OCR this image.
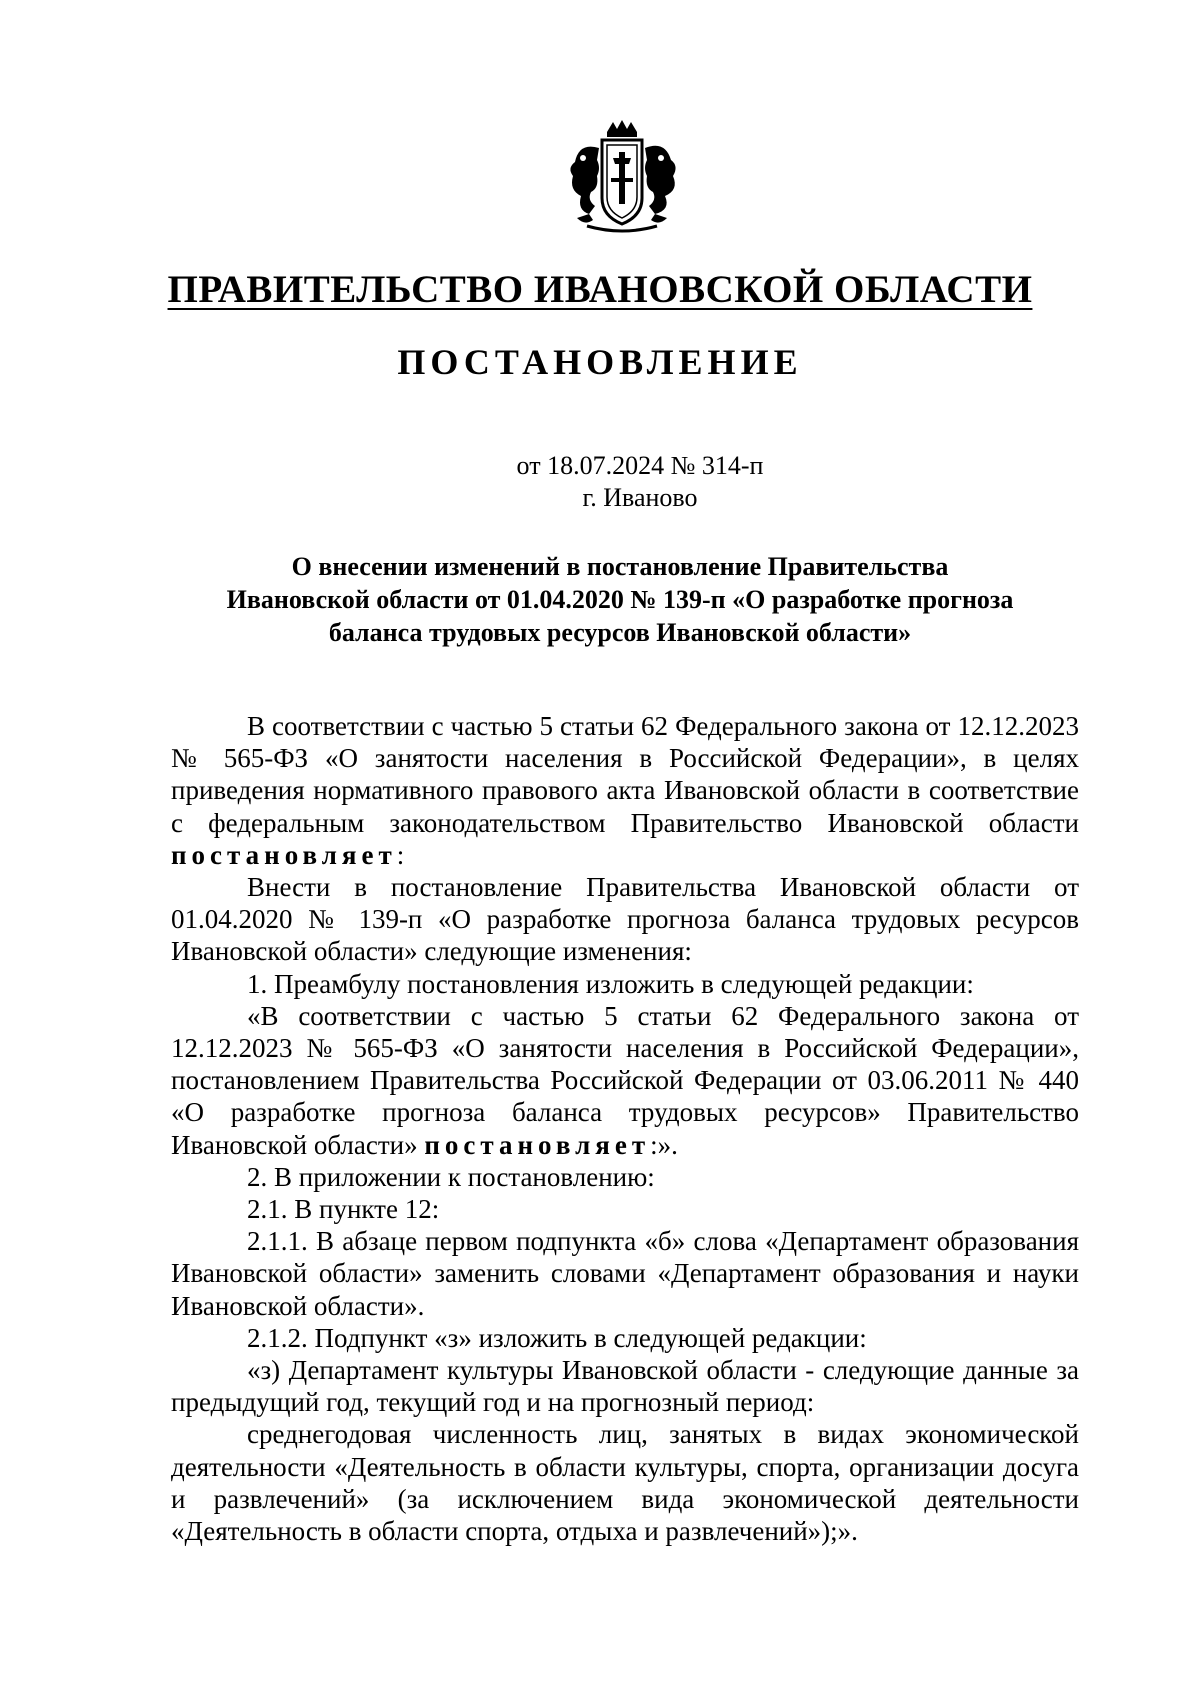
ПРАВИТЕЛЬСТВО ИВАНОВСКОЙ ОБЛАСТИ
ПОСТАНОВЛЕНИЕ
от 18.07.2024 № 314-п
г. Иваново
О внесении изменений в постановление Правительства
Ивановской области от 01.04.2020 № 139-п «О разработке прогноза
баланса трудовых ресурсов Ивановской области»

В соответствии с частью 5 статьи 62 Федерального закона от 12.12.2023 № 565-ФЗ «О занятости населения в Российской Федерации», в целях приведения нормативного правового акта Ивановской области в соответствие с федеральным законодательством Правительство Ивановской области постановляет:

Внести в постановление Правительства Ивановской области от 01.04.2020 № 139-п «О разработке прогноза баланса трудовых ресурсов Ивановской области» следующие изменения:

1. Преамбулу постановления изложить в следующей редакции:

«В соответствии с частью 5 статьи 62 Федерального закона от 12.12.2023 № 565-ФЗ «О занятости населения в Российской Федерации», постановлением Правительства Российской Федерации от 03.06.2011 № 440 «О разработке прогноза баланса трудовых ресурсов» Правительство Ивановской области» постановляет:».

2. В приложении к постановлению:

2.1. В пункте 12:

2.1.1. В абзаце первом подпункта «б» слова «Департамент образования Ивановской области» заменить словами «Департамент образования и науки Ивановской области».

2.1.2. Подпункт «з» изложить в следующей редакции:

«з) Департамент культуры Ивановской области - следующие данные за предыдущий год, текущий год и на прогнозный период:

среднегодовая численность лиц, занятых в видах экономической деятельности «Деятельность в области культуры, спорта, организации досуга и развлечений» (за исключением вида экономической деятельности «Деятельность в области спорта, отдыха и развлечений»);».
